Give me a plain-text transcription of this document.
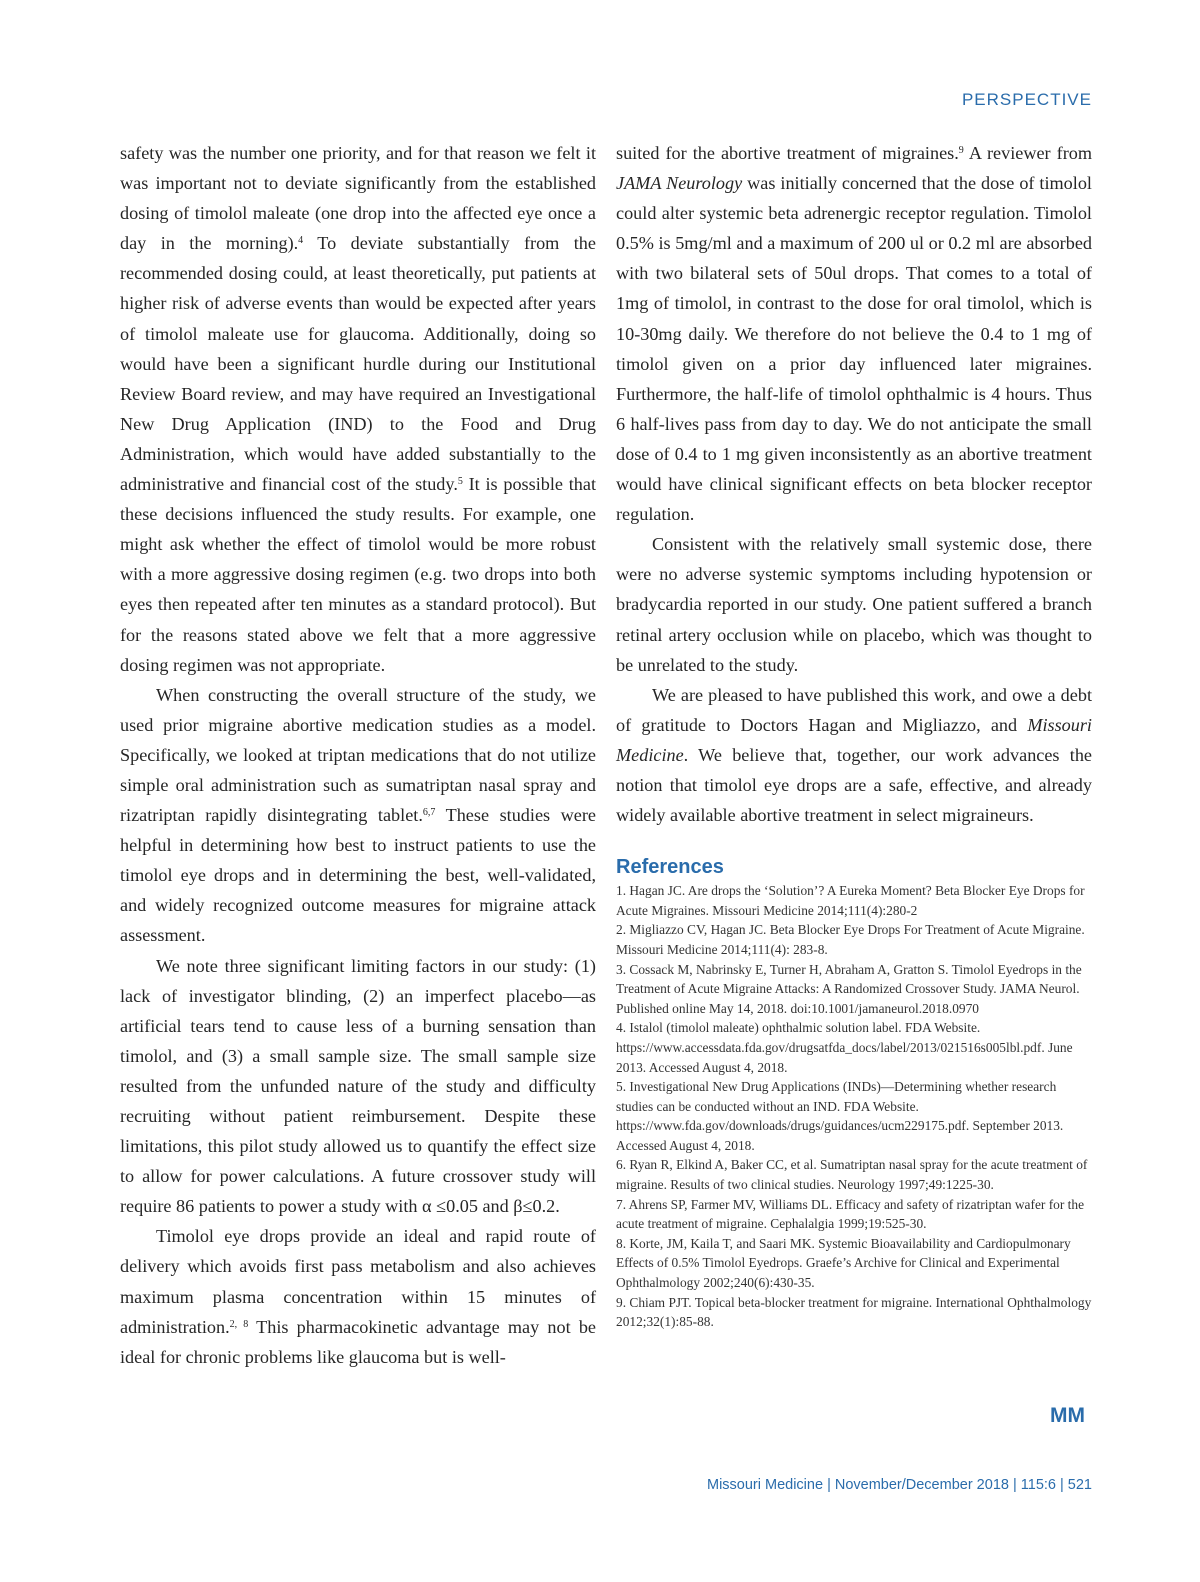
PERSPECTIVE

safety was the number one priority, and for that reason we felt it was important not to deviate significantly from the established dosing of timolol maleate (one drop into the affected eye once a day in the morning).$^4$ To deviate substantially from the recommended dosing could, at least theoretically, put patients at higher risk of adverse events than would be expected after years of timolol maleate use for glaucoma. Additionally, doing so would have been a significant hurdle during our Institutional Review Board review, and may have required an Investigational New Drug Application (IND) to the Food and Drug Administration, which would have added substantially to the administrative and financial cost of the study.$^5$ It is possible that these decisions influenced the study results. For example, one might ask whether the effect of timolol would be more robust with a more aggressive dosing regimen (e.g. two drops into both eyes then repeated after ten minutes as a standard protocol). But for the reasons stated above we felt that a more aggressive dosing regimen was not appropriate.

When constructing the overall structure of the study, we used prior migraine abortive medication studies as a model. Specifically, we looked at triptan medications that do not utilize simple oral administration such as sumatriptan nasal spray and rizatriptan rapidly disintegrating tablet.$^{6,7}$ These studies were helpful in determining how best to instruct patients to use the timolol eye drops and in determining the best, well-validated, and widely recognized outcome measures for migraine attack assessment.

We note three significant limiting factors in our study: (1) lack of investigator blinding, (2) an imperfect placebo—as artificial tears tend to cause less of a burning sensation than timolol, and (3) a small sample size. The small sample size resulted from the unfunded nature of the study and difficulty recruiting without patient reimbursement. Despite these limitations, this pilot study allowed us to quantify the effect size to allow for power calculations. A future crossover study will require 86 patients to power a study with α ≤0.05 and β≤0.2.

Timolol eye drops provide an ideal and rapid route of delivery which avoids first pass metabolism and also achieves maximum plasma concentration within 15 minutes of administration.$^{2, 8}$ This pharmacokinetic advantage may not be ideal for chronic problems like glaucoma but is well-

suited for the abortive treatment of migraines.$^9$ A reviewer from JAMA Neurology was initially concerned that the dose of timolol could alter systemic beta adrenergic receptor regulation. Timolol 0.5% is 5mg/ml and a maximum of 200 ul or 0.2 ml are absorbed with two bilateral sets of 50ul drops. That comes to a total of 1mg of timolol, in contrast to the dose for oral timolol, which is 10-30mg daily. We therefore do not believe the 0.4 to 1 mg of timolol given on a prior day influenced later migraines. Furthermore, the half-life of timolol ophthalmic is 4 hours. Thus 6 half-lives pass from day to day. We do not anticipate the small dose of 0.4 to 1 mg given inconsistently as an abortive treatment would have clinical significant effects on beta blocker receptor regulation.

Consistent with the relatively small systemic dose, there were no adverse systemic symptoms including hypotension or bradycardia reported in our study. One patient suffered a branch retinal artery occlusion while on placebo, which was thought to be unrelated to the study.

We are pleased to have published this work, and owe a debt of gratitude to Doctors Hagan and Migliazzo, and Missouri Medicine. We believe that, together, our work advances the notion that timolol eye drops are a safe, effective, and already widely available abortive treatment in select migraineurs.

References
1. Hagan JC. Are drops the ‘Solution’? A Eureka Moment? Beta Blocker Eye Drops for Acute Migraines. Missouri Medicine 2014;111(4):280-2
2. Migliazzo CV, Hagan JC. Beta Blocker Eye Drops For Treatment of Acute Migraine. Missouri Medicine 2014;111(4): 283-8.
3. Cossack M, Nabrinsky E, Turner H, Abraham A, Gratton S. Timolol Eyedrops in the Treatment of Acute Migraine Attacks: A Randomized Crossover Study. JAMA Neurol. Published online May 14, 2018. doi:10.1001/jamaneurol.2018.0970
4. Istalol (timolol maleate) ophthalmic solution label. FDA Website. https://www.accessdata.fda.gov/drugsatfda_docs/label/2013/021516s005lbl.pdf. June 2013. Accessed August 4, 2018.
5. Investigational New Drug Applications (INDs)—Determining whether research studies can be conducted without an IND. FDA Website. https://www.fda.gov/downloads/drugs/guidances/ucm229175.pdf. September 2013. Accessed August 4, 2018.
6. Ryan R, Elkind A, Baker CC, et al. Sumatriptan nasal spray for the acute treatment of migraine. Results of two clinical studies. Neurology 1997;49:1225-30.
7. Ahrens SP, Farmer MV, Williams DL. Efficacy and safety of rizatriptan wafer for the acute treatment of migraine. Cephalalgia 1999;19:525-30.
8. Korte, JM, Kaila T, and Saari MK. Systemic Bioavailability and Cardiopulmonary Effects of 0.5% Timolol Eyedrops. Graefe’s Archive for Clinical and Experimental Ophthalmology 2002;240(6):430-35.
9. Chiam PJT. Topical beta-blocker treatment for migraine. International Ophthalmology 2012;32(1):85-88.
MM
Missouri Medicine | November/December 2018 | 115:6 | 521
